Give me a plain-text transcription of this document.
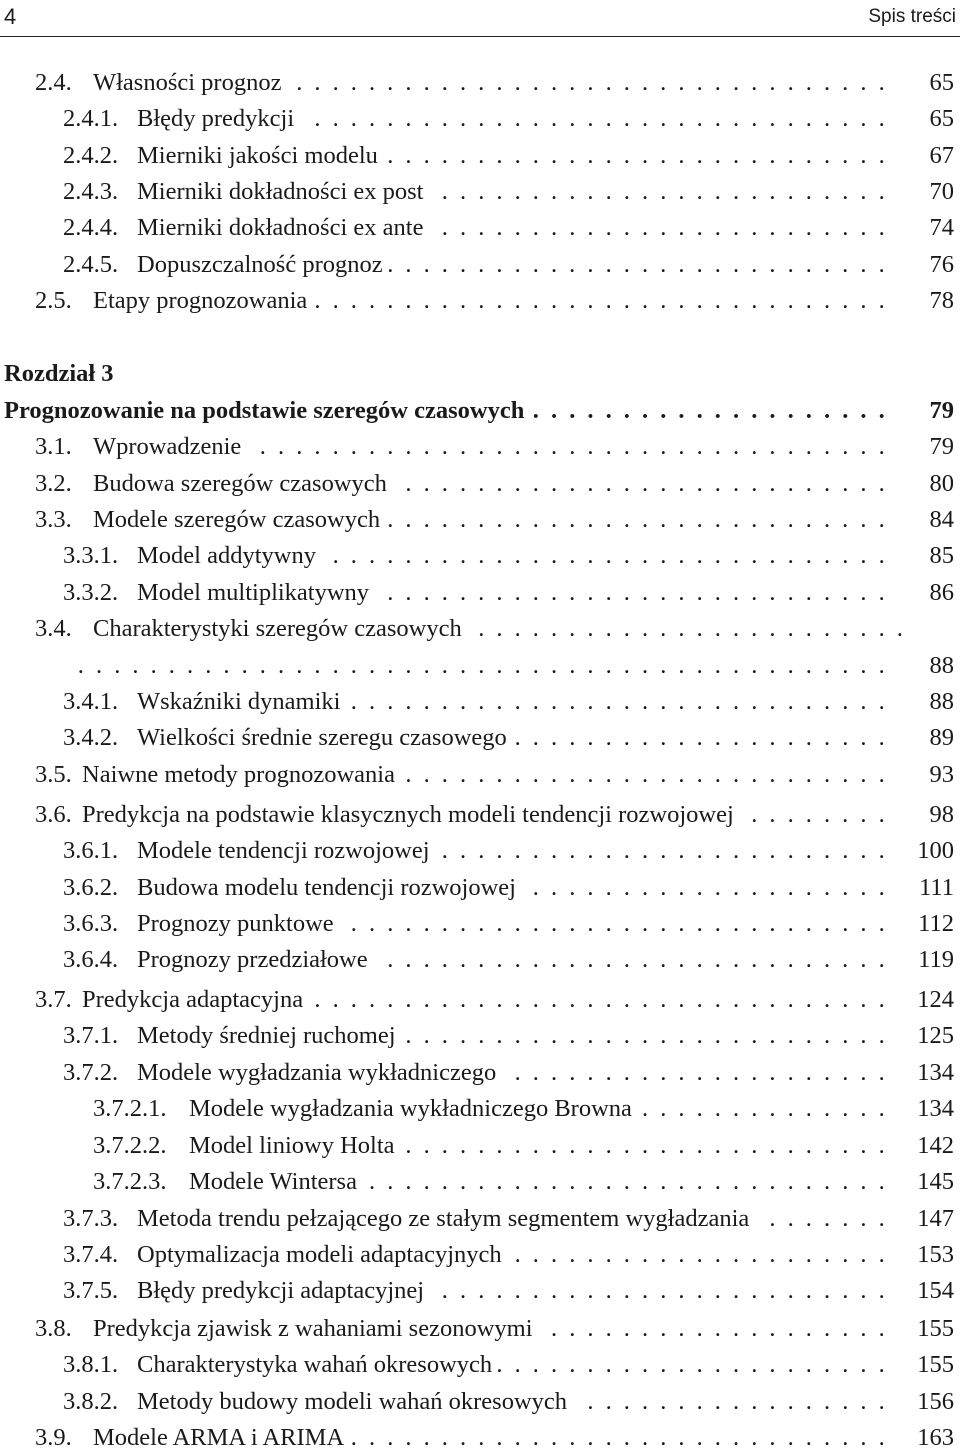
4	Spis treści
2.4. Własności prognoz ................................. 65
2.4.1. Błędy predykcji ................................ 65
2.4.2. Mierniki jakości modelu ............................ 67
2.4.3. Mierniki dokładności ex post ......................... 70
2.4.4. Mierniki dokładności ex ante ......................... 74
2.4.5. Dopuszczalność prognoz ............................ 76
2.5. Etapy prognozowania ................................ 78
Rozdział 3
Prognozowanie na podstawie szeregów czasowych .................... 79
3.1. Wprowadzenie ................................... 79
3.2. Budowa szeregów czasowych ........................... 80
3.3. Modele szeregów czasowych ............................ 84
3.3.1. Model addytywny ............................... 85
3.3.2. Model multiplikatywny ............................ 86
3.4. Charakterystyki szeregów czasowych ........................
............................................. 88
3.4.1. Wskaźniki dynamiki .............................. 88
3.4.2. Wielkości średnie szeregu czasowego ..................... 89
3.5. Naiwne metody prognozowania ........................... 93
3.6. Predykcja na podstawie klasycznych modeli tendencji rozwojowej ........ 98
3.6.1. Modele tendencji rozwojowej ......................... 100
3.6.2. Budowa modelu tendencji rozwojowej .................... 111
3.6.3. Prognozy punktowe .............................. 112
3.6.4. Prognozy przedziałowe ............................ 119
3.7. Predykcja adaptacyjna ................................ 124
3.7.1. Metody średniej ruchomej ........................... 125
3.7.2. Modele wygładzania wykładniczego ..................... 134
3.7.2.1. Modele wygładzania wykładniczego Browna .............. 134
3.7.2.2. Model liniowy Holta ........................... 142
3.7.2.3. Modele Wintersa ............................. 145
3.7.3. Metoda trendu pełzającego ze stałym segmentem wygładzania ....... 147
3.7.4. Optymalizacja modeli adaptacyjnych ..................... 153
3.7.5. Błędy predykcji adaptacyjnej ......................... 154
3.8. Predykcja zjawisk z wahaniami sezonowymi ................... 155
3.8.1. Charakterystyka wahań okresowych ...................... 155
3.8.2. Metody budowy modeli wahań okresowych ................. 156
3.9. Modele ARMA i ARIMA .............................. 163
